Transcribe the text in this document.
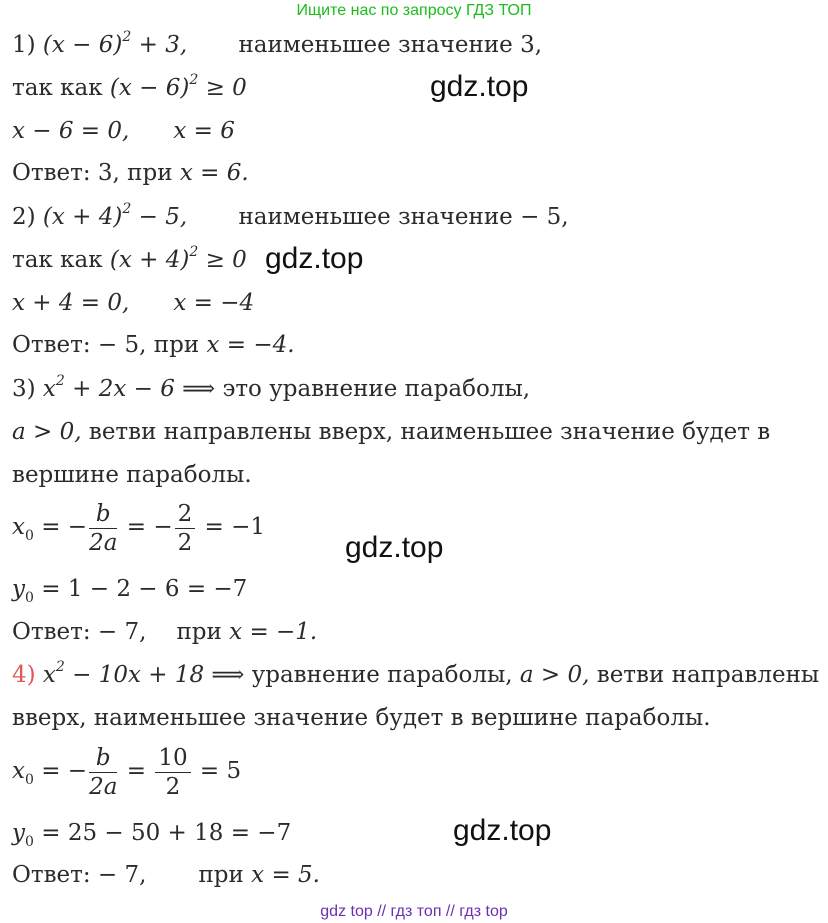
Ищите нас по запросу ГДЗ ТОП
1) $(x - 6)^2 + 3$, наименьшее значение 3,
так как $(x - 6)^2 \ge 0$
x − 6 = 0, x = 6
Ответ: 3, при x = 6.
2) $(x + 4)^2 - 5$, наименьшее значение − 5,
так как $(x + 4)^2 \ge 0$
x + 4 = 0, x = −4
Ответ: − 5, при x = −4.
3) $x^2 + 2x - 6$ ⟹ это уравнение параболы,
a > 0, ветви направлены вверх, наименьшее значение будет в
вершине параболы.
$x_0$ = − $\frac{b}{2a}$ = − $\frac{2}{2} = -1$
$y_0 = 1 - 2 - 6 = -7$
Ответ: − 7, при x = −1.
4) $x^2 - 10x + 18$ ⟹ уравнение параболы, a > 0, ветви направлены
вверх, наименьшее значение будет в вершине параболы.
$x_0$ = − $\frac{b}{2a} = \frac{10}{2} = 5$
$y_0 = 25 - 50 + 18 = -7$
Ответ: − 7, при x = 5.
gdz.top
gdz.top
gdz.top
gdz.top
gdz top // гдз топ // гдз top
